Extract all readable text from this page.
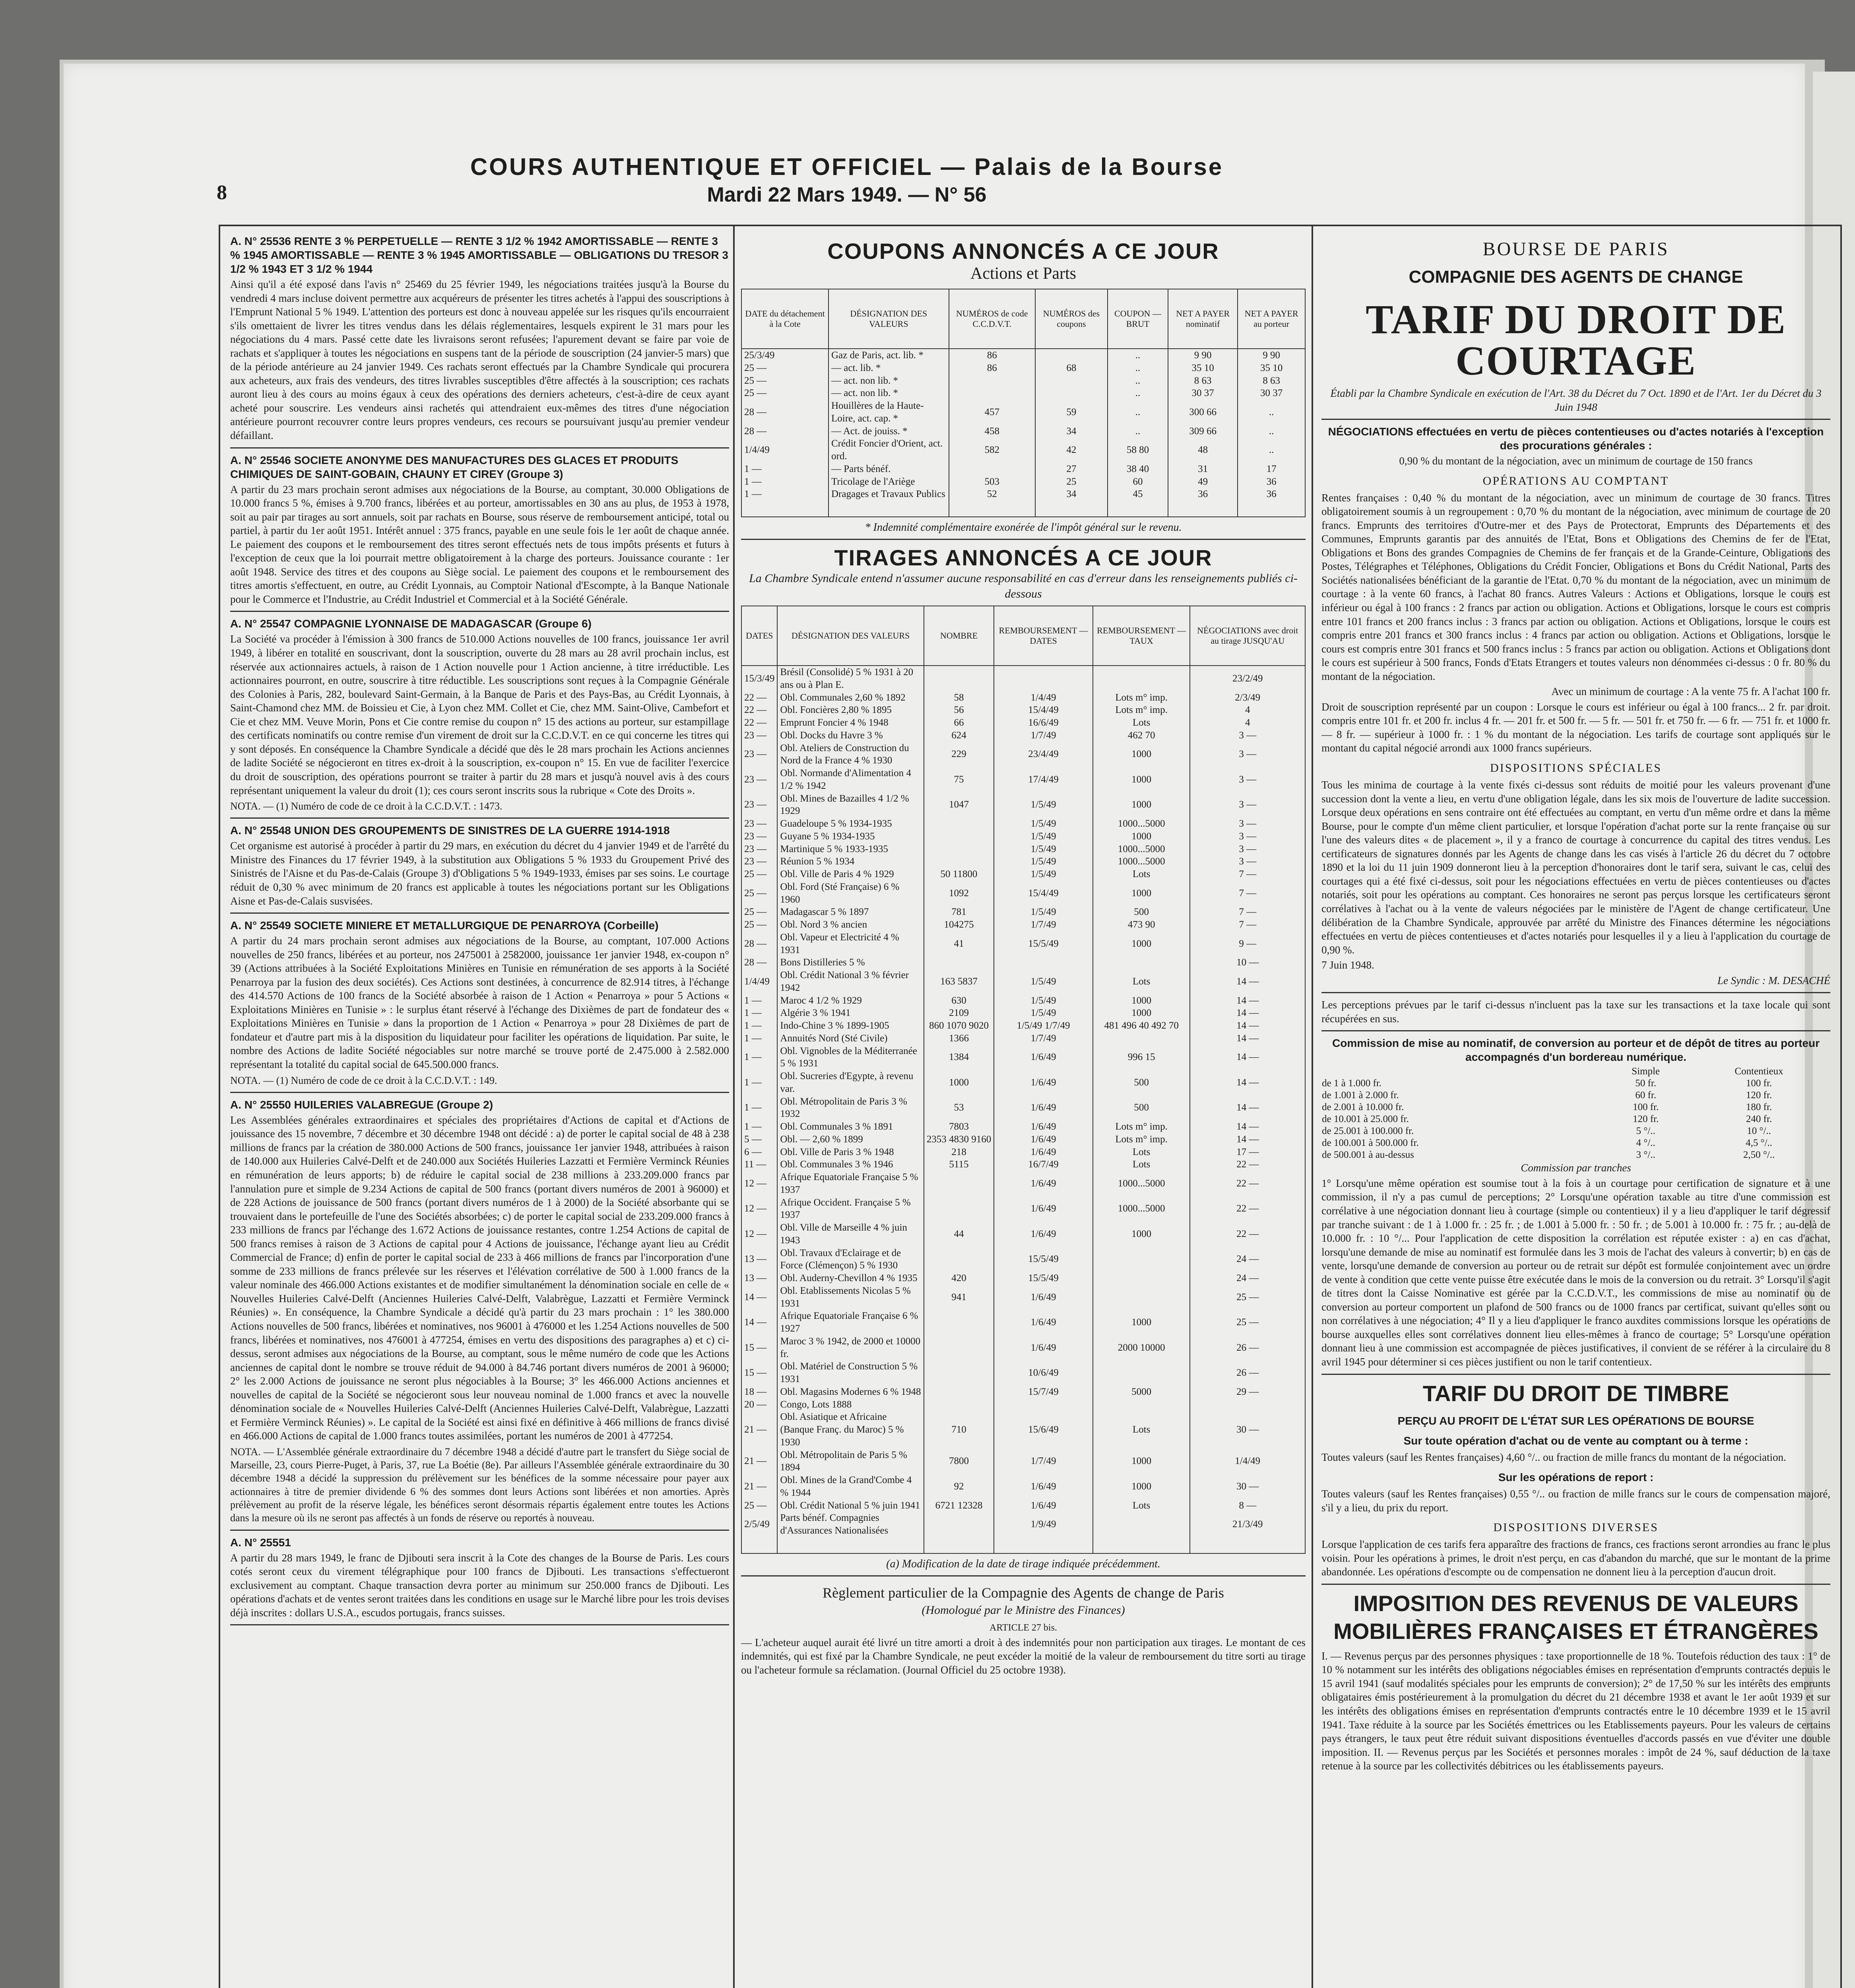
8
COURS AUTHENTIQUE ET OFFICIEL — Palais de la Bourse
Mardi 22 Mars 1949. — N° 56

A. N° 25536 RENTE 3 % PERPETUELLE — RENTE 3 1/2 % 1942 AMORTISSABLE — RENTE 3 % 1945 AMORTISSABLE — RENTE 3 % 1945 AMORTISSABLE — OBLIGATIONS DU TRESOR 3 1/2 % 1943 ET 3 1/2 % 1944

Ainsi qu'il a été exposé dans l'avis n° 25469 du 25 février 1949, les négociations traitées jusqu'à la Bourse du vendredi 4 mars incluse doivent permettre aux acquéreurs de présenter les titres achetés à l'appui des souscriptions à l'Emprunt National 5 % 1949. L'attention des porteurs est donc à nouveau appelée sur les risques qu'ils encourraient s'ils omettaient de livrer les titres vendus dans les délais réglementaires, lesquels expirent le 31 mars pour les négociations du 4 mars. Passé cette date les livraisons seront refusées; l'apurement devant se faire par voie de rachats et s'appliquer à toutes les négociations en suspens tant de la période de souscription (24 janvier-5 mars) que de la période antérieure au 24 janvier 1949. Ces rachats seront effectués par la Chambre Syndicale qui procurera aux acheteurs, aux frais des vendeurs, des titres livrables susceptibles d'être affectés à la souscription; ces rachats auront lieu à des cours au moins égaux à ceux des opérations des derniers acheteurs, c'est-à-dire de ceux ayant acheté pour souscrire. Les vendeurs ainsi rachetés qui attendraient eux-mêmes des titres d'une négociation antérieure pourront recouvrer contre leurs propres vendeurs, ces recours se poursuivant jusqu'au premier vendeur défaillant.

A. N° 25546 SOCIETE ANONYME DES MANUFACTURES DES GLACES ET PRODUITS CHIMIQUES DE SAINT-GOBAIN, CHAUNY ET CIREY (Groupe 3)

A partir du 23 mars prochain seront admises aux négociations de la Bourse, au comptant, 30.000 Obligations de 10.000 francs 5 %, émises à 9.700 francs, libérées et au porteur, amortissables en 30 ans au plus, de 1953 à 1978, soit au pair par tirages au sort annuels, soit par rachats en Bourse, sous réserve de remboursement anticipé, total ou partiel, à partir du 1er août 1951. Intérêt annuel : 375 francs, payable en une seule fois le 1er août de chaque année. Le paiement des coupons et le remboursement des titres seront effectués nets de tous impôts présents et futurs à l'exception de ceux que la loi pourrait mettre obligatoirement à la charge des porteurs. Jouissance courante : 1er août 1948. Service des titres et des coupons au Siège social. Le paiement des coupons et le remboursement des titres amortis s'effectuent, en outre, au Crédit Lyonnais, au Comptoir National d'Escompte, à la Banque Nationale pour le Commerce et l'Industrie, au Crédit Industriel et Commercial et à la Société Générale.

A. N° 25547 COMPAGNIE LYONNAISE DE MADAGASCAR (Groupe 6)

La Société va procéder à l'émission à 300 francs de 510.000 Actions nouvelles de 100 francs, jouissance 1er avril 1949, à libérer en totalité en souscrivant, dont la souscription, ouverte du 28 mars au 28 avril prochain inclus, est réservée aux actionnaires actuels, à raison de 1 Action nouvelle pour 1 Action ancienne, à titre irréductible. Les actionnaires pourront, en outre, souscrire à titre réductible. Les souscriptions sont reçues à la Compagnie Générale des Colonies à Paris, 282, boulevard Saint-Germain, à la Banque de Paris et des Pays-Bas, au Crédit Lyonnais, à Saint-Chamond chez MM. de Boissieu et Cie, à Lyon chez MM. Collet et Cie, chez MM. Saint-Olive, Cambefort et Cie et chez MM. Veuve Morin, Pons et Cie contre remise du coupon n° 15 des actions au porteur, sur estampillage des certificats nominatifs ou contre remise d'un virement de droit sur la C.C.D.V.T. en ce qui concerne les titres qui y sont déposés. En conséquence la Chambre Syndicale a décidé que dès le 28 mars prochain les Actions anciennes de ladite Société se négocieront en titres ex-droit à la souscription, ex-coupon n° 15. En vue de faciliter l'exercice du droit de souscription, des opérations pourront se traiter à partir du 28 mars et jusqu'à nouvel avis à des cours représentant uniquement la valeur du droit (1); ces cours seront inscrits sous la rubrique « Cote des Droits ».

NOTA. — (1) Numéro de code de ce droit à la C.C.D.V.T. : 1473.

A. N° 25548 UNION DES GROUPEMENTS DE SINISTRES DE LA GUERRE 1914-1918

Cet organisme est autorisé à procéder à partir du 29 mars, en exécution du décret du 4 janvier 1949 et de l'arrêté du Ministre des Finances du 17 février 1949, à la substitution aux Obligations 5 % 1933 du Groupement Privé des Sinistrés de l'Aisne et du Pas-de-Calais (Groupe 3) d'Obligations 5 % 1949-1933, émises par ses soins. Le courtage réduit de 0,30 % avec minimum de 20 francs est applicable à toutes les négociations portant sur les Obligations Aisne et Pas-de-Calais susvisées.

A. N° 25549 SOCIETE MINIERE ET METALLURGIQUE DE PENARROYA (Corbeille)

A partir du 24 mars prochain seront admises aux négociations de la Bourse, au comptant, 107.000 Actions nouvelles de 250 francs, libérées et au porteur, nos 2475001 à 2582000, jouissance 1er janvier 1948, ex-coupon n° 39 (Actions attribuées à la Société Exploitations Minières en Tunisie en rémunération de ses apports à la Société Penarroya par la fusion des deux sociétés). Ces Actions sont destinées, à concurrence de 82.914 titres, à l'échange des 414.570 Actions de 100 francs de la Société absorbée à raison de 1 Action « Penarroya » pour 5 Actions « Exploitations Minières en Tunisie » : le surplus étant réservé à l'échange des Dixièmes de part de fondateur des « Exploitations Minières en Tunisie » dans la proportion de 1 Action « Penarroya » pour 28 Dixièmes de part de fondateur et d'autre part mis à la disposition du liquidateur pour faciliter les opérations de liquidation. Par suite, le nombre des Actions de ladite Société négociables sur notre marché se trouve porté de 2.475.000 à 2.582.000 représentant la totalité du capital social de 645.500.000 francs.

NOTA. — (1) Numéro de code de ce droit à la C.C.D.V.T. : 149.

A. N° 25550 HUILERIES VALABREGUE (Groupe 2)

Les Assemblées générales extraordinaires et spéciales des propriétaires d'Actions de capital et d'Actions de jouissance des 15 novembre, 7 décembre et 30 décembre 1948 ont décidé : a) de porter le capital social de 48 à 238 millions de francs par la création de 380.000 Actions de 500 francs, jouissance 1er janvier 1948, attribuées à raison de 140.000 aux Huileries Calvé-Delft et de 240.000 aux Sociétés Huileries Lazzatti et Fermière Verminck Réunies en rémunération de leurs apports; b) de réduire le capital social de 238 millions à 233.209.000 francs par l'annulation pure et simple de 9.234 Actions de capital de 500 francs (portant divers numéros de 2001 à 96000) et de 228 Actions de jouissance de 500 francs (portant divers numéros de 1 à 2000) de la Société absorbante qui se trouvaient dans le portefeuille de l'une des Sociétés absorbées; c) de porter le capital social de 233.209.000 francs à 233 millions de francs par l'échange des 1.672 Actions de jouissance restantes, contre 1.254 Actions de capital de 500 francs remises à raison de 3 Actions de capital pour 4 Actions de jouissance, l'échange ayant lieu au Crédit Commercial de France; d) enfin de porter le capital social de 233 à 466 millions de francs par l'incorporation d'une somme de 233 millions de francs prélevée sur les réserves et l'élévation corrélative de 500 à 1.000 francs de la valeur nominale des 466.000 Actions existantes et de modifier simultanément la dénomination sociale en celle de « Nouvelles Huileries Calvé-Delft (Anciennes Huileries Calvé-Delft, Valabrègue, Lazzatti et Fermière Verminck Réunies) ». En conséquence, la Chambre Syndicale a décidé qu'à partir du 23 mars prochain : 1° les 380.000 Actions nouvelles de 500 francs, libérées et nominatives, nos 96001 à 476000 et les 1.254 Actions nouvelles de 500 francs, libérées et nominatives, nos 476001 à 477254, émises en vertu des dispositions des paragraphes a) et c) ci-dessus, seront admises aux négociations de la Bourse, au comptant, sous le même numéro de code que les Actions anciennes de capital dont le nombre se trouve réduit de 94.000 à 84.746 portant divers numéros de 2001 à 96000; 2° les 2.000 Actions de jouissance ne seront plus négociables à la Bourse; 3° les 466.000 Actions anciennes et nouvelles de capital de la Société se négocieront sous leur nouveau nominal de 1.000 francs et avec la nouvelle dénomination sociale de « Nouvelles Huileries Calvé-Delft (Anciennes Huileries Calvé-Delft, Valabrègue, Lazzatti et Fermière Verminck Réunies) ». Le capital de la Société est ainsi fixé en définitive à 466 millions de francs divisé en 466.000 Actions de capital de 1.000 francs toutes assimilées, portant les numéros de 2001 à 477254.

NOTA. — L'Assemblée générale extraordinaire du 7 décembre 1948 a décidé d'autre part le transfert du Siège social de Marseille, 23, cours Pierre-Puget, à Paris, 37, rue La Boétie (8e). Par ailleurs l'Assemblée générale extraordinaire du 30 décembre 1948 a décidé la suppression du prélèvement sur les bénéfices de la somme nécessaire pour payer aux actionnaires à titre de premier dividende 6 % des sommes dont leurs Actions sont libérées et non amorties. Après prélèvement au profit de la réserve légale, les bénéfices seront désormais répartis également entre toutes les Actions dans la mesure où ils ne seront pas affectés à un fonds de réserve ou reportés à nouveau.

A. N° 25551

A partir du 28 mars 1949, le franc de Djibouti sera inscrit à la Cote des changes de la Bourse de Paris. Les cours cotés seront ceux du virement télégraphique pour 100 francs de Djibouti. Les transactions s'effectueront exclusivement au comptant. Chaque transaction devra porter au minimum sur 250.000 francs de Djibouti. Les opérations d'achats et de ventes seront traitées dans les conditions en usage sur le Marché libre pour les trois devises déjà inscrites : dollars U.S.A., escudos portugais, francs suisses.

COUPONS ANNONCÉS A CE JOUR
Actions et Parts
DATE du détachement à la Cote	DÉSIGNATION DES VALEURS	NUMÉROS de code C.C.D.V.T.	NUMÉROS des coupons	COUPON — BRUT	NET A PAYER nominatif	NET A PAYER au porteur
25/3/49	Gaz de Paris, act. lib. *	86		..	9 90	9 90
25 —	— act. lib. *	86	68	..	35 10	35 10
25 —	— act. non lib. *			..	8 63	8 63
25 —	— act. non lib. *			..	30 37	30 37
28 —	Houillères de la Haute-Loire, act. cap. *	457	59	..	300 66	..
28 —	— Act. de jouiss. *	458	34	..	309 66	..
1/4/49	Crédit Foncier d'Orient, act. ord.	582	42	58 80	48	..
1 —	— Parts bénéf.		27	38 40	31	17
1 —	Tricolage de l'Ariège	503	25	60	49	36
1 —	Dragages et Travaux Publics	52	34	45	36	36

* Indemnité complémentaire exonérée de l'impôt général sur le revenu.
TIRAGES ANNONCÉS A CE JOUR
La Chambre Syndicale entend n'assumer aucune responsabilité en cas d'erreur dans les renseignements publiés ci-dessous
DATES	DÉSIGNATION DES VALEURS	NOMBRE	REMBOURSEMENT — DATES	REMBOURSEMENT — TAUX	NÉGOCIATIONS avec droit au tirage JUSQU'AU
15/3/49	Brésil (Consolidé) 5 % 1931 à 20 ans ou à Plan E.				23/2/49
22 —	Obl. Communales 2,60 % 1892	58	1/4/49	Lots m° imp.	2/3/49
22 —	Obl. Foncières 2,80 % 1895	56	15/4/49	Lots m° imp.	4
22 —	Emprunt Foncier 4 % 1948	66	16/6/49	Lots	4
23 —	Obl. Docks du Havre 3 %	624	1/7/49	462 70	3 —
23 —	Obl. Ateliers de Construction du Nord de la France 4 % 1930	229	23/4/49	1000	3 —
23 —	Obl. Normande d'Alimentation 4 1/2 % 1942	75	17/4/49	1000	3 —
23 —	Obl. Mines de Bazailles 4 1/2 % 1929	1047	1/5/49	1000	3 —
23 —	Guadeloupe 5 % 1934-1935		1/5/49	1000...5000	3 —
23 —	Guyane 5 % 1934-1935		1/5/49	1000	3 —
23 —	Martinique 5 % 1933-1935		1/5/49	1000...5000	3 —
23 —	Réunion 5 % 1934		1/5/49	1000...5000	3 —
25 —	Obl. Ville de Paris 4 % 1929	50 11800	1/5/49	Lots	7 —
25 —	Obl. Ford (Sté Française) 6 % 1960	1092	15/4/49	1000	7 —
25 —	Madagascar 5 % 1897	781	1/5/49	500	7 —
25 —	Obl. Nord 3 % ancien	104275	1/7/49	473 90	7 —
28 —	Obl. Vapeur et Electricité 4 % 1931	41	15/5/49	1000	9 —
28 —	Bons Distilleries 5 %				10 —
1/4/49	Obl. Crédit National 3 % février 1942	163 5837	1/5/49	Lots	14 —
1 —	Maroc 4 1/2 % 1929	630	1/5/49	1000	14 —
1 —	Algérie 3 % 1941	2109	1/5/49	1000	14 —
1 —	Indo-Chine 3 % 1899-1905	860 1070 9020	1/5/49 1/7/49	481 496 40 492 70	14 —
1 —	Annuités Nord (Sté Civile)	1366	1/7/49		14 —
1 —	Obl. Vignobles de la Méditerranée 5 % 1931	1384	1/6/49	996 15	14 —
1 —	Obl. Sucreries d'Egypte, à revenu var.	1000	1/6/49	500	14 —
1 —	Obl. Métropolitain de Paris 3 % 1932	53	1/6/49	500	14 —
1 —	Obl. Communales 3 % 1891	7803	1/6/49	Lots m° imp.	14 —
5 —	Obl. — 2,60 % 1899	2353 4830 9160	1/6/49	Lots m° imp.	14 —
6 —	Obl. Ville de Paris 3 % 1948	218	1/6/49	Lots	17 —
11 —	Obl. Communales 3 % 1946	5115	16/7/49	Lots	22 —
12 —	Afrique Equatoriale Française 5 % 1937		1/6/49	1000...5000	22 —
12 —	Afrique Occident. Française 5 % 1937		1/6/49	1000...5000	22 —
12 —	Obl. Ville de Marseille 4 % juin 1943	44	1/6/49	1000	22 —
13 —	Obl. Travaux d'Eclairage et de Force (Clémençon) 5 % 1930		15/5/49		24 —
13 —	Obl. Auderny-Chevillon 4 % 1935	420	15/5/49		24 —
14 —	Obl. Etablissements Nicolas 5 % 1931	941	1/6/49		25 —
14 —	Afrique Equatoriale Française 6 % 1927		1/6/49	1000	25 —
15 —	Maroc 3 % 1942, de 2000 et 10000 fr.		1/6/49	2000 10000	26 —
15 —	Obl. Matériel de Construction 5 % 1931		10/6/49		26 —
18 —	Obl. Magasins Modernes 6 % 1948		15/7/49	5000	29 —
20 —	Congo, Lots 1888				
21 —	Obl. Asiatique et Africaine (Banque Franç. du Maroc) 5 % 1930	710	15/6/49	Lots	30 —
21 —	Obl. Métropolitain de Paris 5 % 1894	7800	1/7/49	1000	1/4/49
21 —	Obl. Mines de la Grand'Combe 4 % 1944	92	1/6/49	1000	30 —
25 —	Obl. Crédit National 5 % juin 1941	6721 12328	1/6/49	Lots	8 —
2/5/49	Parts bénéf. Compagnies d'Assurances Nationalisées		1/9/49		21/3/49

(a) Modification de la date de tirage indiquée précédemment.
Règlement particulier de la Compagnie des Agents de change de Paris
(Homologué par le Ministre des Finances)
ARTICLE 27 bis.

— L'acheteur auquel aurait été livré un titre amorti a droit à des indemnités pour non participation aux tirages. Le montant de ces indemnités, qui est fixé par la Chambre Syndicale, ne peut excéder la moitié de la valeur de remboursement du titre sorti au tirage ou l'acheteur formule sa réclamation. (Journal Officiel du 25 octobre 1938).

BOURSE DE PARIS
COMPAGNIE DES AGENTS DE CHANGE
TARIF DU DROIT DE COURTAGE

Établi par la Chambre Syndicale en exécution de l'Art. 38 du Décret du 7 Oct. 1890 et de l'Art. 1er du Décret du 3 Juin 1948

NÉGOCIATIONS effectuées en vertu de pièces contentieuses ou d'actes notariés à l'exception des procurations générales :

0,90 % du montant de la négociation, avec un minimum de courtage de 150 francs

OPÉRATIONS AU COMPTANT

Rentes françaises : 0,40 % du montant de la négociation, avec un minimum de courtage de 30 francs. Titres obligatoirement soumis à un regroupement : 0,70 % du montant de la négociation, avec minimum de courtage de 20 francs. Emprunts des territoires d'Outre-mer et des Pays de Protectorat, Emprunts des Départements et des Communes, Emprunts garantis par des annuités de l'Etat, Bons et Obligations des Chemins de fer de l'Etat, Obligations et Bons des grandes Compagnies de Chemins de fer français et de la Grande-Ceinture, Obligations des Postes, Télégraphes et Téléphones, Obligations du Crédit Foncier, Obligations et Bons du Crédit National, Parts des Sociétés nationalisées bénéficiant de la garantie de l'Etat. 0,70 % du montant de la négociation, avec un minimum de courtage : à la vente 60 francs, à l'achat 80 francs. Autres Valeurs : Actions et Obligations, lorsque le cours est inférieur ou égal à 100 francs : 2 francs par action ou obligation. Actions et Obligations, lorsque le cours est compris entre 101 francs et 200 francs inclus : 3 francs par action ou obligation. Actions et Obligations, lorsque le cours est compris entre 201 francs et 300 francs inclus : 4 francs par action ou obligation. Actions et Obligations, lorsque le cours est compris entre 301 francs et 500 francs inclus : 5 francs par action ou obligation. Actions et Obligations dont le cours est supérieur à 500 francs, Fonds d'Etats Etrangers et toutes valeurs non dénommées ci-dessus : 0 fr. 80 % du montant de la négociation.

Avec un minimum de courtage : A la vente 75 fr. A l'achat 100 fr.

Droit de souscription représenté par un coupon : Lorsque le cours est inférieur ou égal à 100 francs... 2 fr. par droit. compris entre 101 fr. et 200 fr. inclus 4 fr. — 201 fr. et 500 fr. — 5 fr. — 501 fr. et 750 fr. — 6 fr. — 751 fr. et 1000 fr. — 8 fr. — supérieur à 1000 fr. : 1 % du montant de la négociation. Les tarifs de courtage sont appliqués sur le montant du capital négocié arrondi aux 1000 francs supérieurs.

DISPOSITIONS SPÉCIALES

Tous les minima de courtage à la vente fixés ci-dessus sont réduits de moitié pour les valeurs provenant d'une succession dont la vente a lieu, en vertu d'une obligation légale, dans les six mois de l'ouverture de ladite succession. Lorsque deux opérations en sens contraire ont été effectuées au comptant, en vertu d'un même ordre et dans la même Bourse, pour le compte d'un même client particulier, et lorsque l'opération d'achat porte sur la rente française ou sur l'une des valeurs dites « de placement », il y a franco de courtage à concurrence du capital des titres vendus. Les certificateurs de signatures donnés par les Agents de change dans les cas visés à l'article 26 du décret du 7 octobre 1890 et la loi du 11 juin 1909 donneront lieu à la perception d'honoraires dont le tarif sera, suivant le cas, celui des courtages qui a été fixé ci-dessus, soit pour les négociations effectuées en vertu de pièces contentieuses ou d'actes notariés, soit pour les opérations au comptant. Ces honoraires ne seront pas perçus lorsque les certificateurs seront corrélatives à l'achat ou à la vente de valeurs négociées par le ministère de l'Agent de change certificateur. Une délibération de la Chambre Syndicale, approuvée par arrêté du Ministre des Finances détermine les négociations effectuées en vertu de pièces contentieuses et d'actes notariés pour lesquelles il y a lieu à l'application du courtage de 0,90 %.

7 Juin 1948.

Le Syndic : M. DESACHÉ

Les perceptions prévues par le tarif ci-dessus n'incluent pas la taxe sur les transactions et la taxe locale qui sont récupérées en sus.

Commission de mise au nominatif, de conversion au porteur et de dépôt de titres au porteur accompagnés d'un bordereau numérique.

	Simple	Contentieux
de 1 à 1.000 fr.	50 fr.	100 fr.
de 1.001 à 2.000 fr.	60 fr.	120 fr.
de 2.001 à 10.000 fr.	100 fr.	180 fr.
de 10.001 à 25.000 fr.	120 fr.	240 fr.
de 25.001 à 100.000 fr.	5 °/..	10 °/..
de 100.001 à 500.000 fr.	4 °/..	4,5 °/..
de 500.001 à au-dessus	3 °/..	2,50 °/..

Commission par tranches

1° Lorsqu'une même opération est soumise tout à la fois à un courtage pour certification de signature et à une commission, il n'y a pas cumul de perceptions; 2° Lorsqu'une opération taxable au titre d'une commission est corrélative à une négociation donnant lieu à courtage (simple ou contentieux) il y a lieu d'appliquer le tarif dégressif par tranche suivant : de 1 à 1.000 fr. : 25 fr. ; de 1.001 à 5.000 fr. : 50 fr. ; de 5.001 à 10.000 fr. : 75 fr. ; au-delà de 10.000 fr. : 10 °/... Pour l'application de cette disposition la corrélation est réputée exister : a) en cas d'achat, lorsqu'une demande de mise au nominatif est formulée dans les 3 mois de l'achat des valeurs à convertir; b) en cas de vente, lorsqu'une demande de conversion au porteur ou de retrait sur dépôt est formulée conjointement avec un ordre de vente à condition que cette vente puisse être exécutée dans le mois de la conversion ou du retrait. 3° Lorsqu'il s'agit de titres dont la Caisse Nominative est gérée par la C.C.D.V.T., les commissions de mise au nominatif ou de conversion au porteur comportent un plafond de 500 francs ou de 1000 francs par certificat, suivant qu'elles sont ou non corrélatives à une négociation; 4° Il y a lieu d'appliquer le franco auxdites commissions lorsque les opérations de bourse auxquelles elles sont corrélatives donnent lieu elles-mêmes à franco de courtage; 5° Lorsqu'une opération donnant lieu à une commission est accompagnée de pièces justificatives, il convient de se référer à la circulaire du 8 avril 1945 pour déterminer si ces pièces justifient ou non le tarif contentieux.

TARIF DU DROIT DE TIMBRE
PERÇU AU PROFIT DE L'ÉTAT SUR LES OPÉRATIONS DE BOURSE
Sur toute opération d'achat ou de vente au comptant ou à terme :

Toutes valeurs (sauf les Rentes françaises) 4,60 °/.. ou fraction de mille francs du montant de la négociation.

Sur les opérations de report :

Toutes valeurs (sauf les Rentes françaises) 0,55 °/.. ou fraction de mille francs sur le cours de compensation majoré, s'il y a lieu, du prix du report.

DISPOSITIONS DIVERSES

Lorsque l'application de ces tarifs fera apparaître des fractions de francs, ces fractions seront arrondies au franc le plus voisin. Pour les opérations à primes, le droit n'est perçu, en cas d'abandon du marché, que sur le montant de la prime abandonnée. Les opérations d'escompte ou de compensation ne donnent lieu à la perception d'aucun droit.

IMPOSITION DES REVENUS DE VALEURS MOBILIÈRES FRANÇAISES ET ÉTRANGÈRES

I. — Revenus perçus par des personnes physiques : taxe proportionnelle de 18 %. Toutefois réduction des taux : 1° de 10 % notamment sur les intérêts des obligations négociables émises en représentation d'emprunts contractés depuis le 15 avril 1941 (sauf modalités spéciales pour les emprunts de conversion); 2° de 17,50 % sur les intérêts des emprunts obligataires émis postérieurement à la promulgation du décret du 21 décembre 1938 et avant le 1er août 1939 et sur les intérêts des obligations émises en représentation d'emprunts contractés entre le 10 décembre 1939 et le 15 avril 1941. Taxe réduite à la source par les Sociétés émettrices ou les Etablissements payeurs. Pour les valeurs de certains pays étrangers, le taux peut être réduit suivant dispositions éventuelles d'accords passés en vue d'éviter une double imposition. II. — Revenus perçus par les Sociétés et personnes morales : impôt de 24 %, sauf déduction de la taxe retenue à la source par les collectivités débitrices ou les établissements payeurs.
